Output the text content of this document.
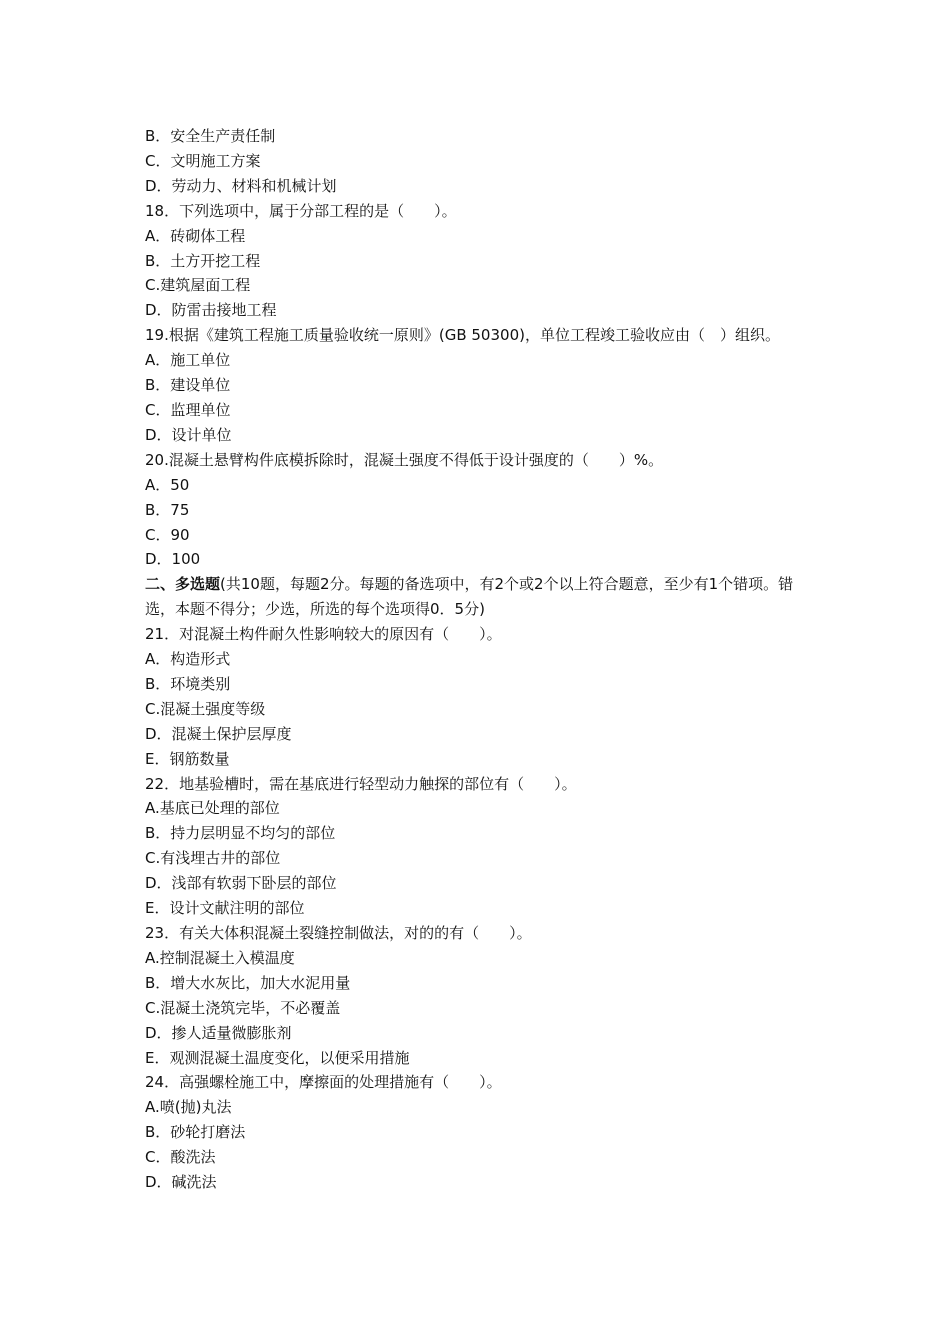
B．安全生产责任制
C．文明施工方案
D．劳动力、材料和机械计划
18．下列选项中，属于分部工程的是（　　）。
A．砖砌体工程
B．土方开挖工程
C.建筑屋面工程
D．防雷击接地工程
19.根据《建筑工程施工质量验收统一原则》(GB 50300)，单位工程竣工验收应由（　）组织。
A．施工单位
B．建设单位
C．监理单位
D．设计单位
20.混凝土悬臂构件底模拆除时，混凝土强度不得低于设计强度的（　　）%。
A．50
B．75
C．90
D．100
二、多选题(共10题，每题2分。每题的备选项中，有2个或2个以上符合题意，至少有1个错项。错选，本题不得分；少选，所选的每个选项得0．5分)
21．对混凝土构件耐久性影响较大的原因有（　　）。
A．构造形式
B．环境类别
C.混凝土强度等级
D．混凝土保护层厚度
E．钢筋数量
22．地基验槽时，需在基底进行轻型动力触探的部位有（　　）。
A.基底已处理的部位
B．持力层明显不均匀的部位
C.有浅埋古井的部位
D．浅部有软弱下卧层的部位
E．设计文献注明的部位
23．有关大体积混凝土裂缝控制做法，对的的有（　　）。
A.控制混凝土入模温度
B．增大水灰比，加大水泥用量
C.混凝土浇筑完毕，不必覆盖
D．掺人适量微膨胀剂
E．观测混凝土温度变化，以便采用措施
24．高强螺栓施工中，摩擦面的处理措施有（　　）。
A.喷(抛)丸法
B．砂轮打磨法
C．酸洗法
D．碱洗法
